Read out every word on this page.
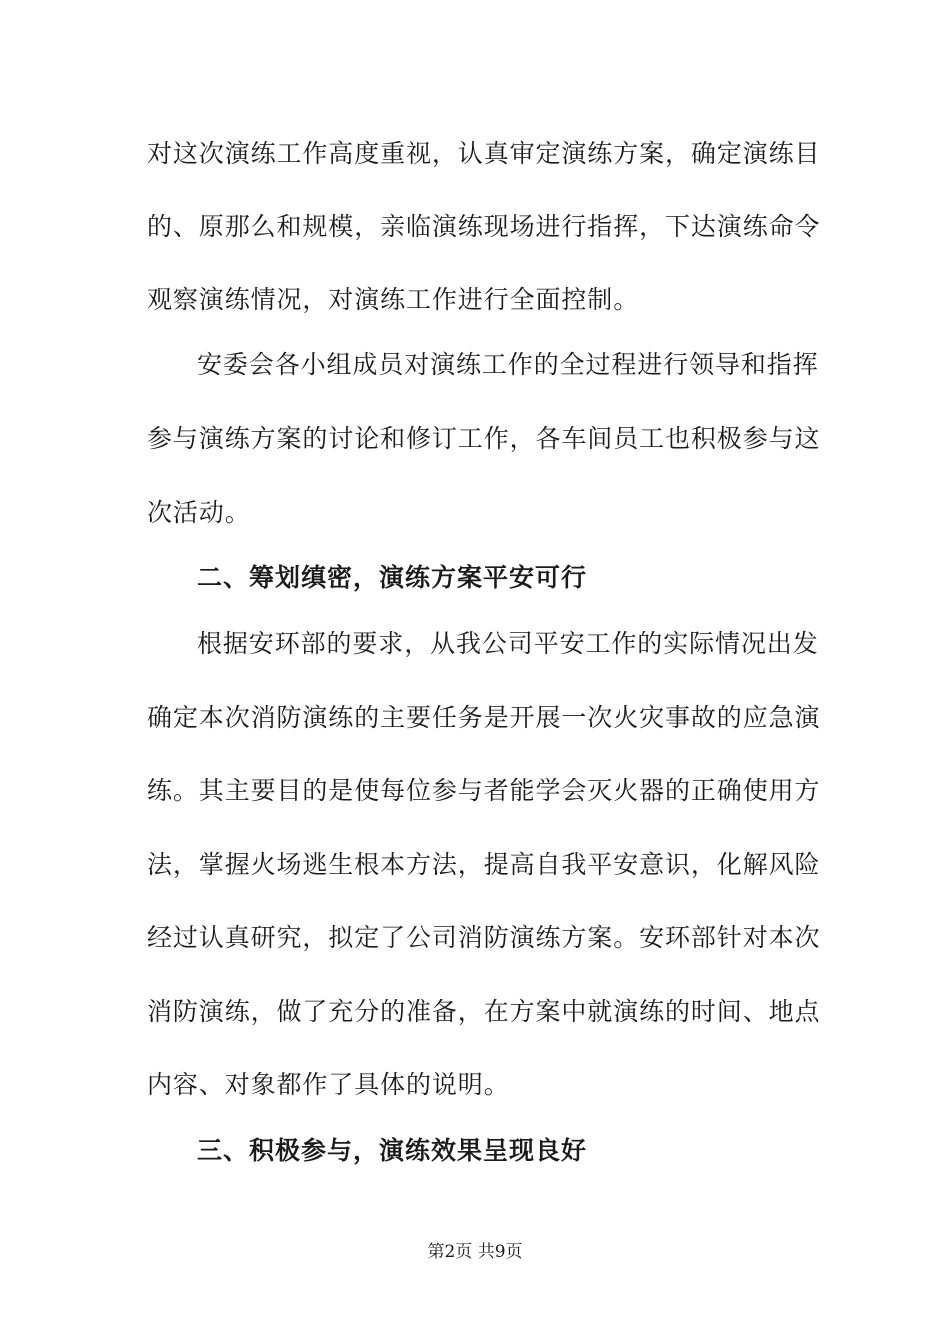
对这次演练工作高度重视，认真审定演练方案，确定演练目
的、原那么和规模，亲临演练现场进行指挥，下达演练命令
观察演练情况，对演练工作进行全面控制。
安委会各小组成员对演练工作的全过程进行领导和指挥
参与演练方案的讨论和修订工作，各车间员工也积极参与这
次活动。
二、筹划缜密，演练方案平安可行
根据安环部的要求，从我公司平安工作的实际情况出发
确定本次消防演练的主要任务是开展一次火灾事故的应急演
练。其主要目的是使每位参与者能学会灭火器的正确使用方
法，掌握火场逃生根本方法，提高自我平安意识，化解风险
经过认真研究，拟定了公司消防演练方案。安环部针对本次
消防演练，做了充分的准备，在方案中就演练的时间、地点
内容、对象都作了具体的说明。
三、积极参与，演练效果呈现良好
第2页 共9页
